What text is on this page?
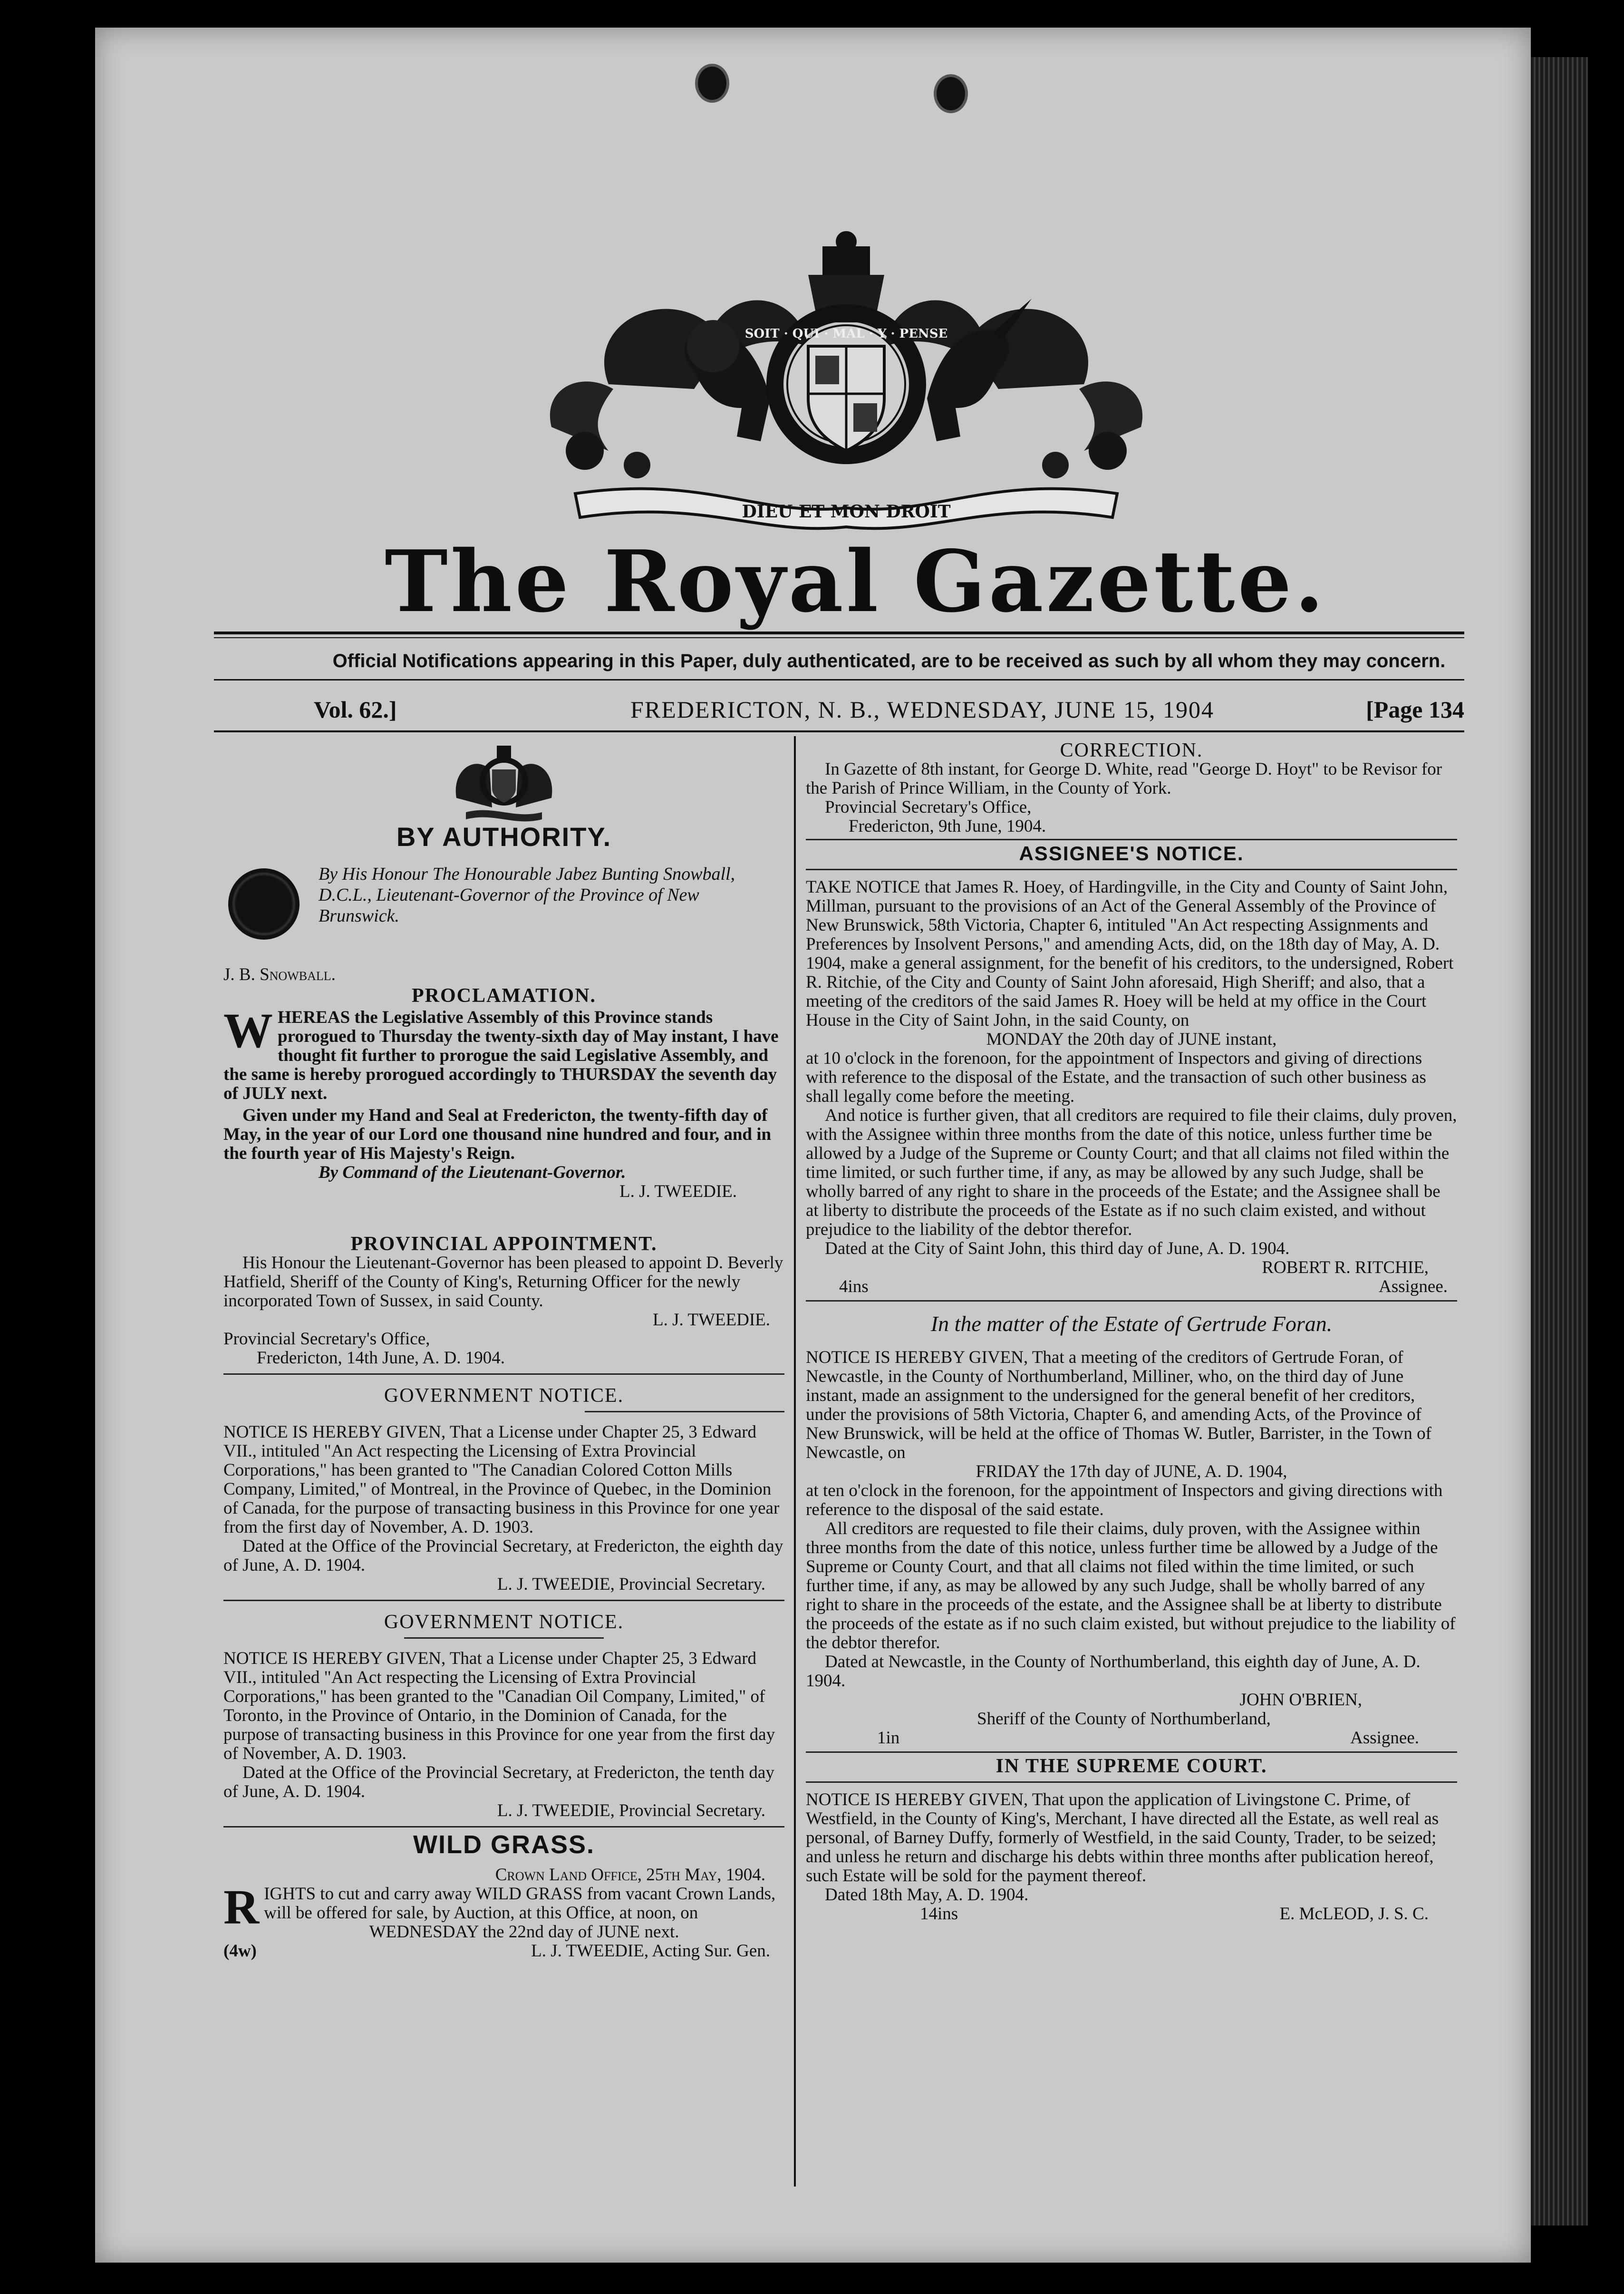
SOIT · QUI · MAL · Y · PENSE
DIEU ET MON DROIT
The Royal Gazette.
Official Notifications appearing in this Paper, duly authenticated, are to be received as such by all whom they may concern.
Vol. 62.]	FREDERICTON, N. B., WEDNESDAY, JUNE 15, 1904	[Page 134
BY AUTHORITY.

By His Honour The Honourable Jabez Bunting Snowball, D.C.L., Lieutenant-Governor of the Province of New Brunswick.

J. B. Snowball.

PROCLAMATION.

WHEREAS the Legislative Assembly of this Province stands prorogued to Thursday the twenty-sixth day of May instant, I have thought fit further to prorogue the said Legislative Assembly, and the same is hereby prorogued accordingly to THURSDAY the seventh day of JULY next.

Given under my Hand and Seal at Fredericton, the twenty-fifth day of May, in the year of our Lord one thousand nine hundred and four, and in the fourth year of His Majesty's Reign.

By Command of the Lieutenant-Governor.

L. J. TWEEDIE.

PROVINCIAL APPOINTMENT.

His Honour the Lieutenant-Governor has been pleased to appoint D. Beverly Hatfield, Sheriff of the County of King's, Returning Officer for the newly incorporated Town of Sussex, in said County.

L. J. TWEEDIE.

Provincial Secretary's Office,

Fredericton, 14th June, A. D. 1904.

GOVERNMENT NOTICE.

NOTICE IS HEREBY GIVEN, That a License under Chapter 25, 3 Edward VII., intituled "An Act respecting the Licensing of Extra Provincial Corporations," has been granted to "The Canadian Colored Cotton Mills Company, Limited," of Montreal, in the Province of Quebec, in the Dominion of Canada, for the purpose of transacting business in this Province for one year from the first day of November, A. D. 1903.

Dated at the Office of the Provincial Secretary, at Fredericton, the eighth day of June, A. D. 1904.

L. J. TWEEDIE, Provincial Secretary.

GOVERNMENT NOTICE.

NOTICE IS HEREBY GIVEN, That a License under Chapter 25, 3 Edward VII., intituled "An Act respecting the Licensing of Extra Provincial Corporations," has been granted to the "Canadian Oil Company, Limited," of Toronto, in the Province of Ontario, in the Dominion of Canada, for the purpose of transacting business in this Province for one year from the first day of November, A. D. 1903.

Dated at the Office of the Provincial Secretary, at Fredericton, the tenth day of June, A. D. 1904.

L. J. TWEEDIE, Provincial Secretary.

WILD GRASS.

Crown Land Office, 25th May, 1904.

RIGHTS to cut and carry away WILD GRASS from vacant Crown Lands, will be offered for sale, by Auction, at this Office, at noon, on

WEDNESDAY the 22nd day of JUNE next.

(4w)	L. J. TWEEDIE, Acting Sur. Gen.
CORRECTION.

In Gazette of 8th instant, for George D. White, read "George D. Hoyt" to be Revisor for the Parish of Prince William, in the County of York.

Provincial Secretary's Office,

Fredericton, 9th June, 1904.

ASSIGNEE'S NOTICE.

TAKE NOTICE that James R. Hoey, of Hardingville, in the City and County of Saint John, Millman, pursuant to the provisions of an Act of the General Assembly of the Province of New Brunswick, 58th Victoria, Chapter 6, intituled "An Act respecting Assignments and Preferences by Insolvent Persons," and amending Acts, did, on the 18th day of May, A. D. 1904, make a general assignment, for the benefit of his creditors, to the undersigned, Robert R. Ritchie, of the City and County of Saint John aforesaid, High Sheriff; and also, that a meeting of the creditors of the said James R. Hoey will be held at my office in the Court House in the City of Saint John, in the said County, on

MONDAY the 20th day of JUNE instant,

at 10 o'clock in the forenoon, for the appointment of Inspectors and giving of directions with reference to the disposal of the Estate, and the transaction of such other business as shall legally come before the meeting.

And notice is further given, that all creditors are required to file their claims, duly proven, with the Assignee within three months from the date of this notice, unless further time be allowed by a Judge of the Supreme or County Court; and that all claims not filed within the time limited, or such further time, if any, as may be allowed by any such Judge, shall be wholly barred of any right to share in the proceeds of the Estate; and the Assignee shall be at liberty to distribute the proceeds of the Estate as if no such claim existed, and without prejudice to the liability of the debtor therefor.

Dated at the City of Saint John, this third day of June, A. D. 1904.

ROBERT R. RITCHIE,

4ins	Assignee.

In the matter of the Estate of Gertrude Foran.

NOTICE IS HEREBY GIVEN, That a meeting of the creditors of Gertrude Foran, of Newcastle, in the County of Northumberland, Milliner, who, on the third day of June instant, made an assignment to the undersigned for the general benefit of her creditors, under the provisions of 58th Victoria, Chapter 6, and amending Acts, of the Province of New Brunswick, will be held at the office of Thomas W. Butler, Barrister, in the Town of Newcastle, on

FRIDAY the 17th day of JUNE, A. D. 1904,

at ten o'clock in the forenoon, for the appointment of Inspectors and giving directions with reference to the disposal of the said estate.

All creditors are requested to file their claims, duly proven, with the Assignee within three months from the date of this notice, unless further time be allowed by a Judge of the Supreme or County Court, and that all claims not filed within the time limited, or such further time, if any, as may be allowed by any such Judge, shall be wholly barred of any right to share in the proceeds of the estate, and the Assignee shall be at liberty to distribute the proceeds of the estate as if no such claim existed, but without prejudice to the liability of the debtor therefor.

Dated at Newcastle, in the County of Northumberland, this eighth day of June, A. D. 1904.

JOHN O'BRIEN,

Sheriff of the County of Northumberland,

1in	Assignee.
IN THE SUPREME COURT.

NOTICE IS HEREBY GIVEN, That upon the application of Livingstone C. Prime, of Westfield, in the County of King's, Merchant, I have directed all the Estate, as well real as personal, of Barney Duffy, formerly of Westfield, in the said County, Trader, to be seized; and unless he return and discharge his debts within three months after publication hereof, such Estate will be sold for the payment thereof.

Dated 18th May, A. D. 1904.

14ins	E. McLEOD, J. S. C.
